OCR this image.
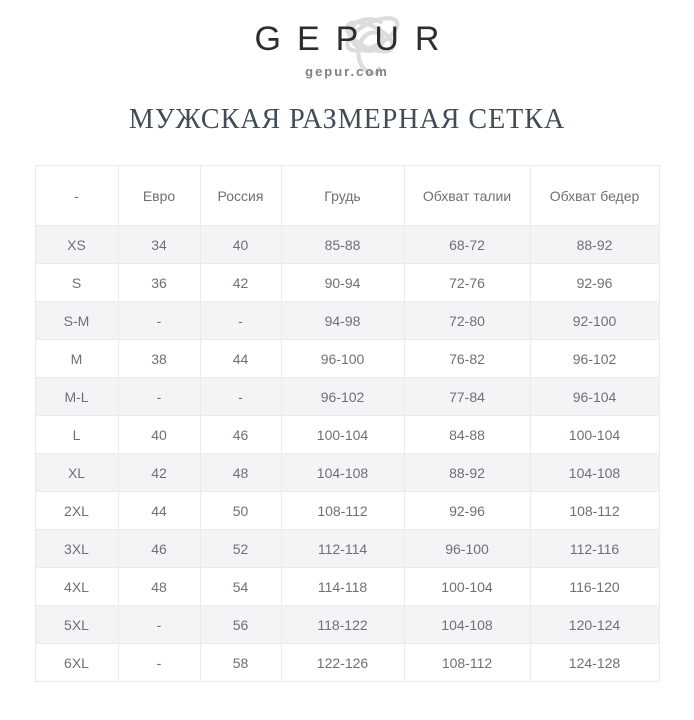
GEPUR
gepur.com
МУЖСКАЯ РАЗМЕРНАЯ СЕТКА
-	Евро	Россия	Грудь	Обхват талии	Обхват бедер
XS	34	40	85-88	68-72	88-92
S	36	42	90-94	72-76	92-96
S-M	-	-	94-98	72-80	92-100
M	38	44	96-100	76-82	96-102
M-L	-	-	96-102	77-84	96-104
L	40	46	100-104	84-88	100-104
XL	42	48	104-108	88-92	104-108
2XL	44	50	108-112	92-96	108-112
3XL	46	52	112-114	96-100	112-116
4XL	48	54	114-118	100-104	116-120
5XL	-	56	118-122	104-108	120-124
6XL	-	58	122-126	108-112	124-128
